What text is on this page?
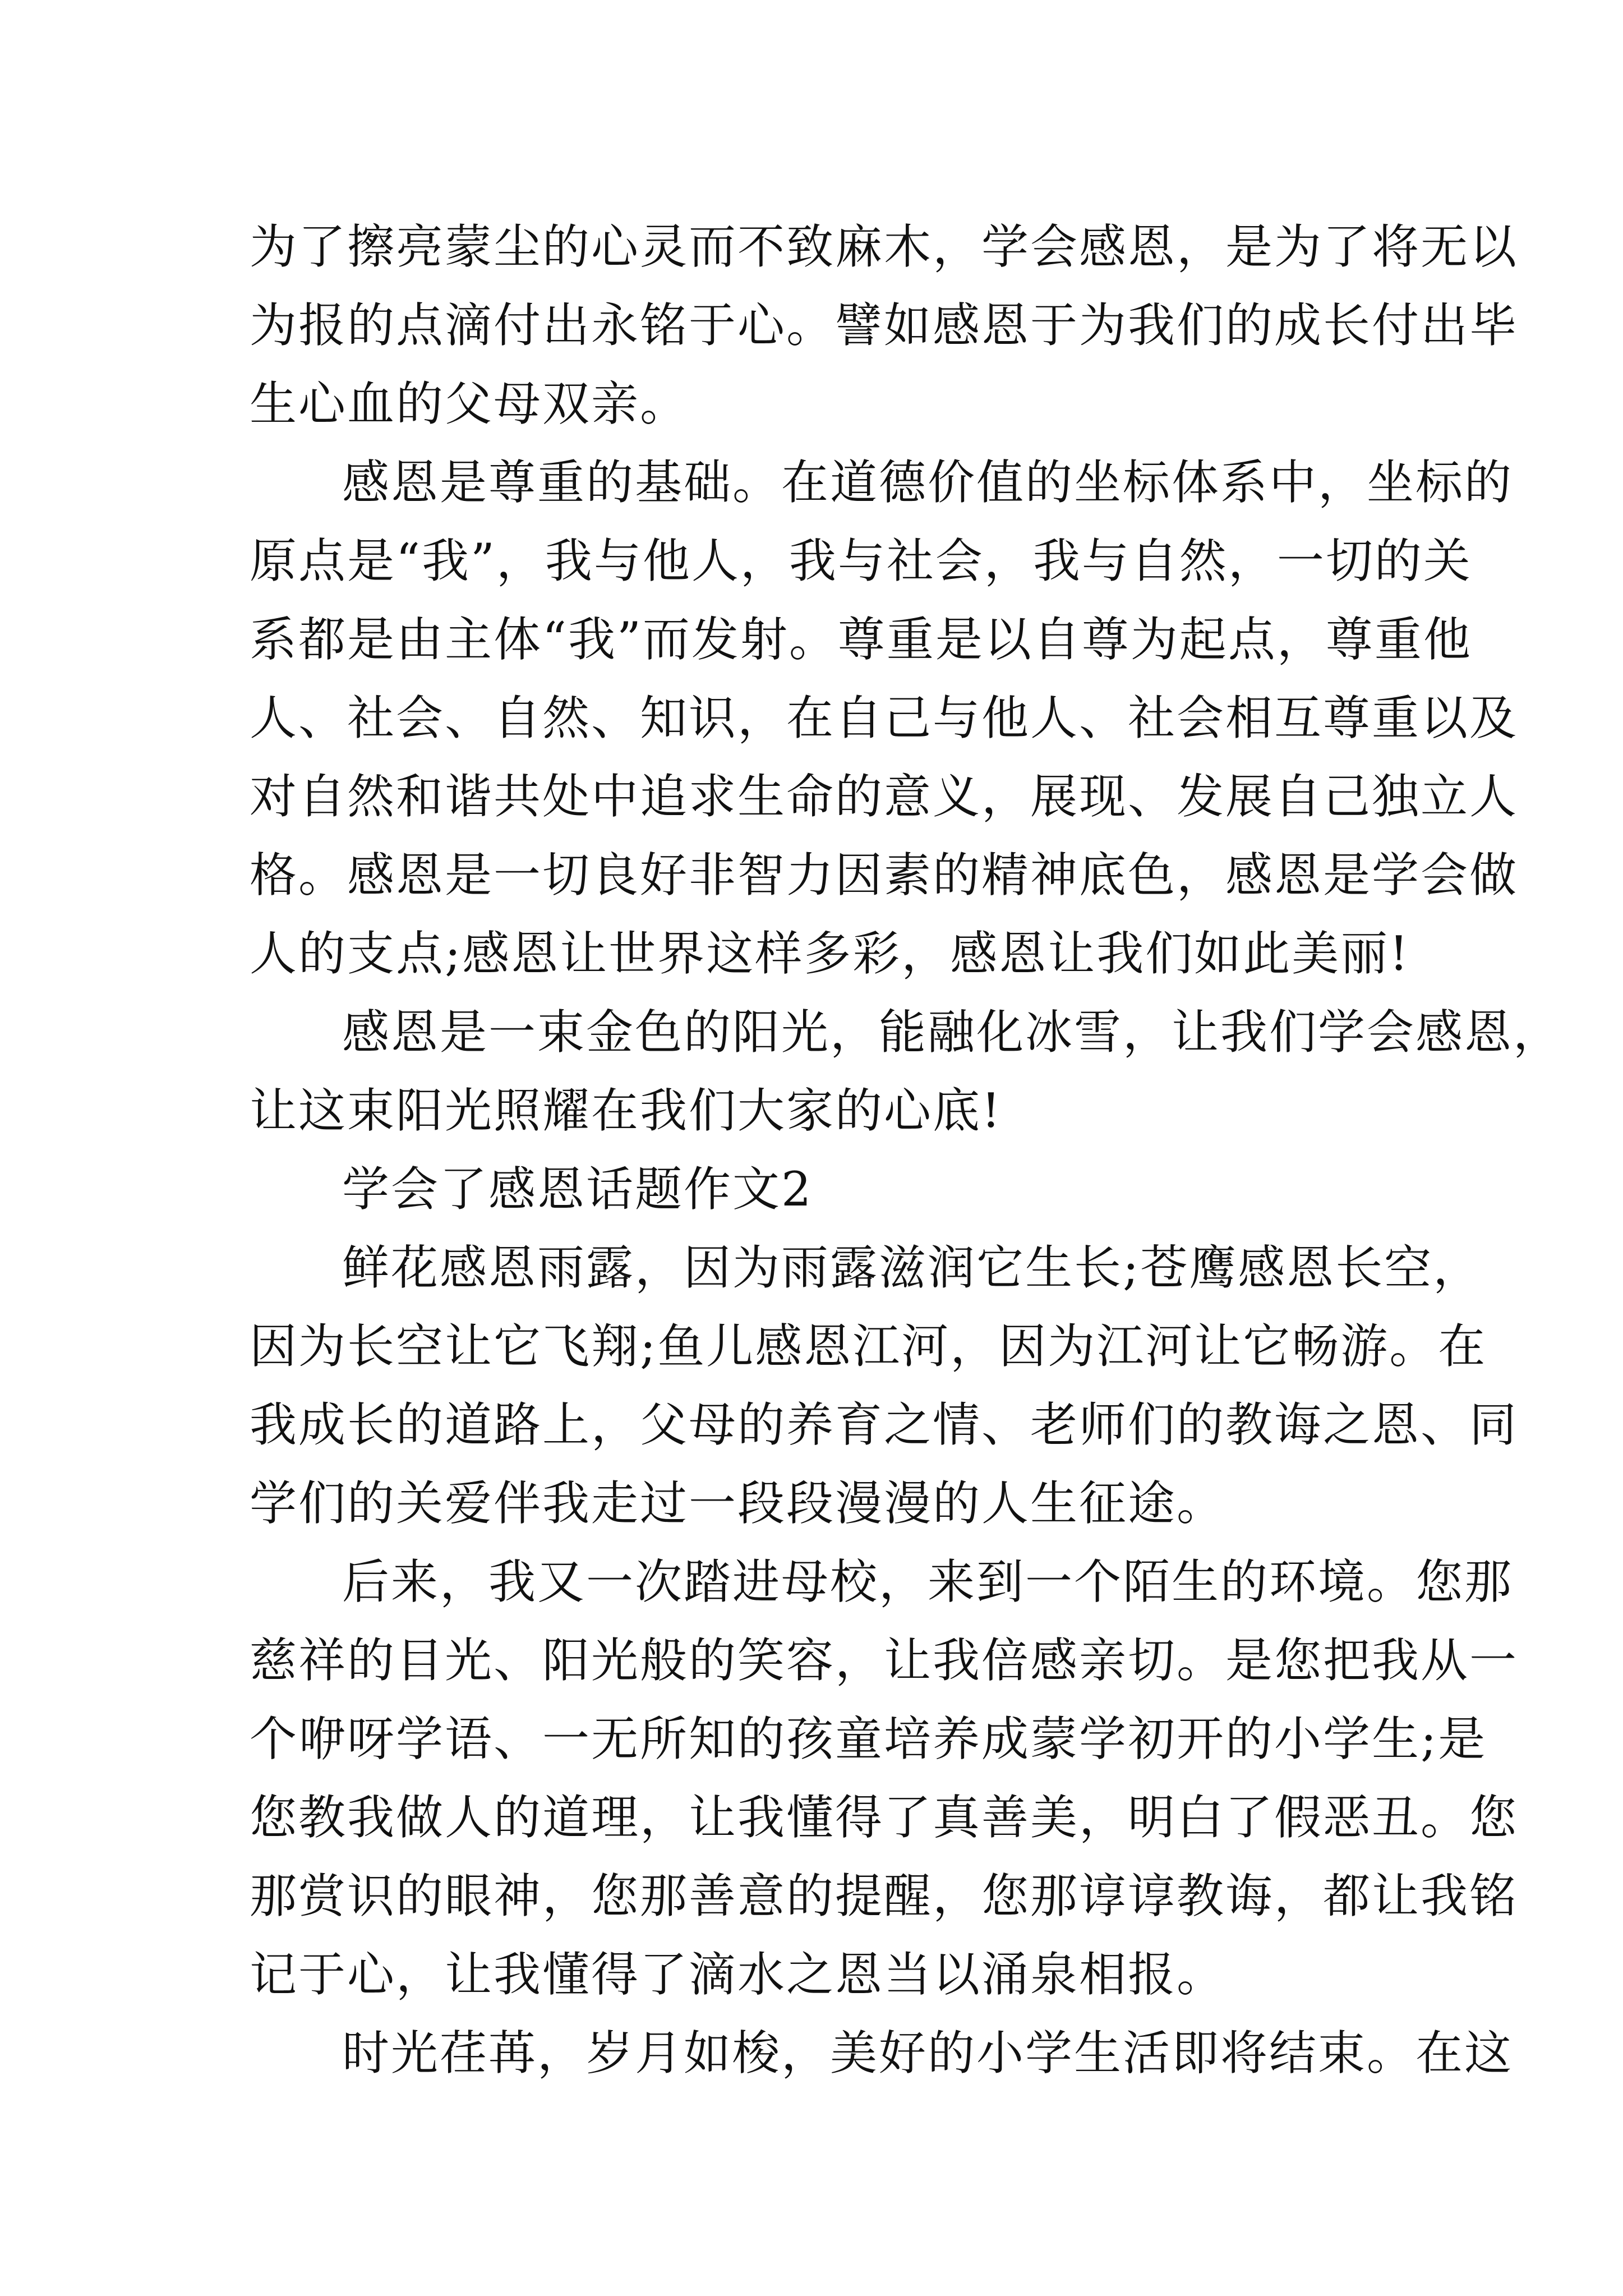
为了擦亮蒙尘的心灵而不致麻木，学会感恩，是为了将无以
为报的点滴付出永铭于心。譬如感恩于为我们的成长付出毕
生心血的父母双亲。
感恩是尊重的基础。在道德价值的坐标体系中，坐标的
原点是“我”，我与他人，我与社会，我与自然，一切的关
系都是由主体“我”而发射。尊重是以自尊为起点，尊重他
人、社会、自然、知识，在自己与他人、社会相互尊重以及
对自然和谐共处中追求生命的意义，展现、发展自己独立人
格。感恩是一切良好非智力因素的精神底色，感恩是学会做
人的支点;感恩让世界这样多彩，感恩让我们如此美丽!
感恩是一束金色的阳光，能融化冰雪，让我们学会感恩，
让这束阳光照耀在我们大家的心底!
学会了感恩话题作文2
鲜花感恩雨露，因为雨露滋润它生长;苍鹰感恩长空，
因为长空让它飞翔;鱼儿感恩江河，因为江河让它畅游。在
我成长的道路上，父母的养育之情、老师们的教诲之恩、同
学们的关爱伴我走过一段段漫漫的人生征途。
后来，我又一次踏进母校，来到一个陌生的环境。您那
慈祥的目光、阳光般的笑容，让我倍感亲切。是您把我从一
个咿呀学语、一无所知的孩童培养成蒙学初开的小学生;是
您教我做人的道理，让我懂得了真善美，明白了假恶丑。您
那赏识的眼神，您那善意的提醒，您那谆谆教诲，都让我铭
记于心，让我懂得了滴水之恩当以涌泉相报。
时光荏苒，岁月如梭，美好的小学生活即将结束。在这
